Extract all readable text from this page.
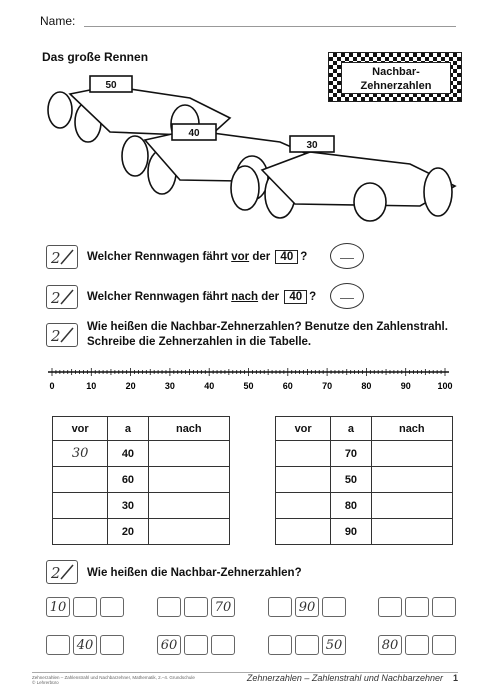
Name:
Das große Rennen
Nachbar-
Zehnerzahlen
50
40
30
2 Welcher Rennwagen fährt vor der 40 ?
2 Welcher Rennwagen fährt nach der 40 ?
2 Wie heißen die Nachbar-Zehnerzahlen? Benutze den Zahlenstrahl.
Schreibe die Zehnerzahlen in die Tabelle.
0	10	20	30	40	50	60	70	80	90	100
vor	a	nach
30	40	
	60	
	30	
	20	
vor	a	nach
	70	
	50	
	80	
	90	
2 Wie heißen die Nachbar-Zehnerzahlen?
10	70	90
40	60	50	80
Zehnerzahlen – Zahlenstrahl und Nachbarzehner, Mathematik, 2.–4. Grundschule
© Lehrerbüro	Zehnerzahlen – Zahlenstrahl und Nachbarzehner 1
